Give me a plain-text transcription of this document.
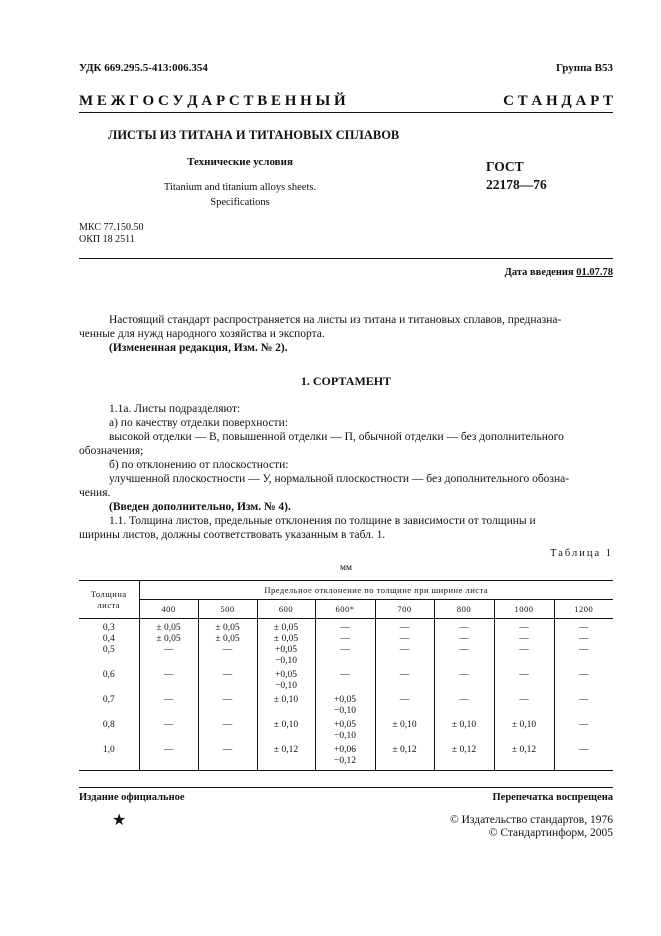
УДК 669.295.5-413:006.354	Группа В53
М Е Ж Г О С У Д А Р С Т В Е Н Н Ы Й	С Т А Н Д А Р Т
ЛИСТЫ ИЗ ТИТАНА И ТИТАНОВЫХ СПЛАВОВ
Технические условия
Titanium and titanium alloys sheets.
Specifications
ГОСТ
22178—76
МКС 77.150.50
ОКП 18 2511
Дата введения 01.07.78
Настоящий стандарт распространяется на листы из титана и титановых сплавов, предназна-
ченные для нужд народного хозяйства и экспорта.
(Измененная редакция, Изм. № 2).
1. СОРТАМЕНТ
1.1а. Листы подразделяют:
а) по качеству отделки поверхности:
высокой отделки — В, повышенной отделки — П, обычной отделки — без дополнительного
обозначения;
б) по отклонению от плоскостности:
улучшенной плоскостности — У, нормальной плоскостности — без дополнительного обозна-
чения.
(Введен дополнительно, Изм. № 4).
1.1. Толщина листов, предельные отклонения по толщине в зависимости от толщины и
ширины листов, должны соответствовать указанным в табл. 1.
Таблица 1
мм
Толщина листа	Предельное отклонение по толщине при ширине листа							
	400	500	600	600*	700	800	1000	1200
0,3	± 0,05	± 0,05	± 0,05	—	—	—	—	—
0,4	± 0,05	± 0,05	± 0,05	—	—	—	—	—
0,5	—	—	+0,05
−0,10	—	—	—	—	—
0,6	—	—	+0,05
−0,10	—	—	—	—	—
0,7	—	—	± 0,10	+0,05
−0,10	—	—	—	—
0,8	—	—	± 0,10	+0,05
−0,10	± 0,10	± 0,10	± 0,10	—
1,0	—	—	± 0,12	+0,06
−0,12	± 0,12	± 0,12	± 0,12	—
Издание официальное	Перепечатка воспрещена
★	© Издательство стандартов, 1976
© Стандартинформ, 2005
